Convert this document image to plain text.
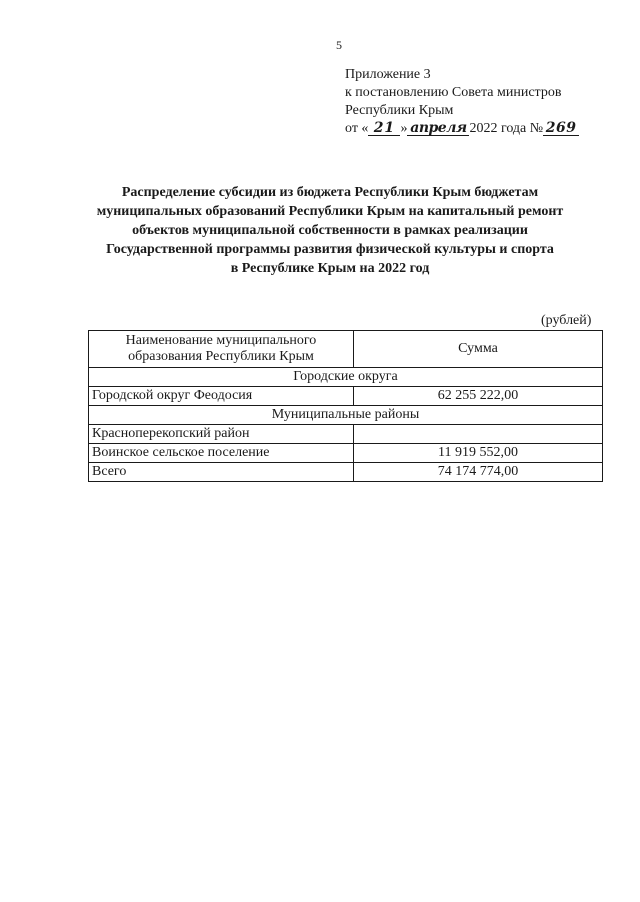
5
Приложение 3
к постановлению Совета министров
Республики Крым
от « 21 » апреля 2022 года № 269
Распределение субсидии из бюджета Республики Крым бюджетам
муниципальных образований Республики Крым на капитальный ремонт
объектов муниципальной собственности в рамках реализации
Государственной программы развития физической культуры и спорта
в Республике Крым на 2022 год
(рублей)
Наименование муниципального образования Республики Крым	Сумма
Городские округа	
Городской округ Феодосия	62 255 222,00
Муниципальные районы	
Красноперекопский район	
Воинское сельское поселение	11 919 552,00
Всего	74 174 774,00
